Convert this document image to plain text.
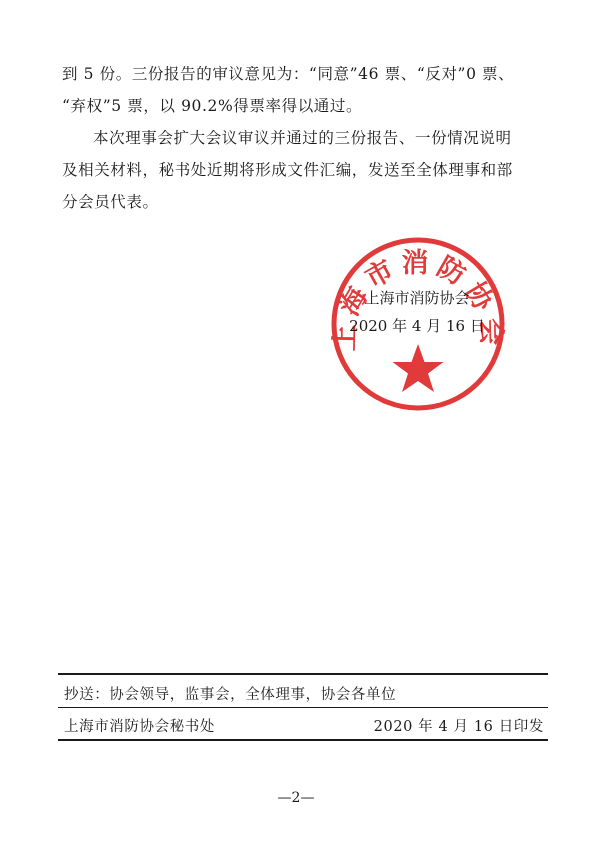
到 5 份。三份报告的审议意见为：“同意”46 票、“反对”0 票、
“弃权”5 票，以 90.2%得票率得以通过。
本次理事会扩大会议审议并通过的三份报告、一份情况说明
及相关材料，秘书处近期将形成文件汇编，发送至全体理事和部
分会员代表。
上海市消防协会
上海市消防协会
2020 年 4 月 16 日
抄送：协会领导，监事会，全体理事，协会各单位
上海市消防协会秘书处	2020 年 4 月 16 日印发
—2—
